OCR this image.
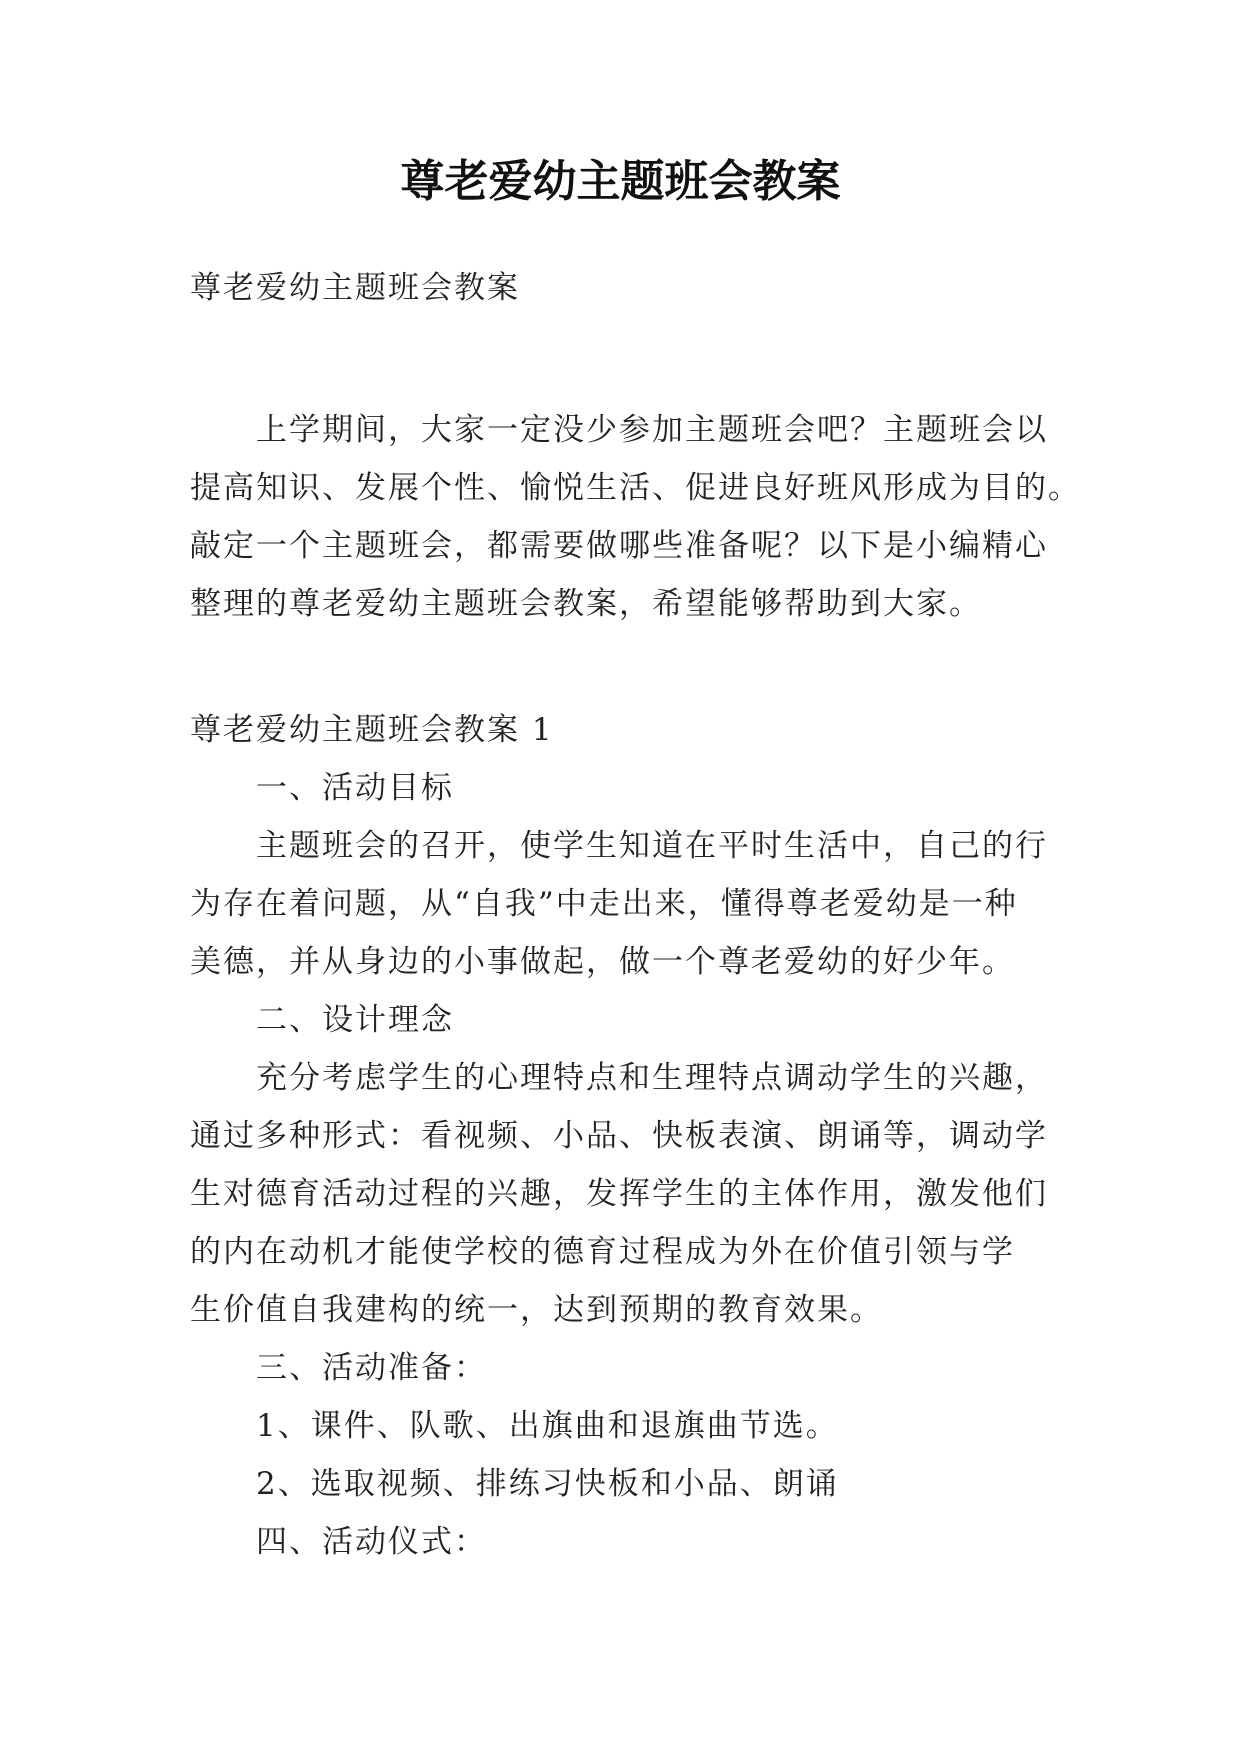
尊老爱幼主题班会教案
尊老爱幼主题班会教案
上学期间，大家一定没少参加主题班会吧？主题班会以
提高知识、发展个性、愉悦生活、促进良好班风形成为目的。
敲定一个主题班会，都需要做哪些准备呢？以下是小编精心
整理的尊老爱幼主题班会教案，希望能够帮助到大家。
尊老爱幼主题班会教案 1
一、活动目标
主题班会的召开，使学生知道在平时生活中，自己的行
为存在着问题，从“自我”中走出来，懂得尊老爱幼是一种
美德，并从身边的小事做起，做一个尊老爱幼的好少年。
二、设计理念
充分考虑学生的心理特点和生理特点调动学生的兴趣，
通过多种形式：看视频、小品、快板表演、朗诵等，调动学
生对德育活动过程的兴趣，发挥学生的主体作用，激发他们
的内在动机才能使学校的德育过程成为外在价值引领与学
生价值自我建构的统一，达到预期的教育效果。
三、活动准备：
1、课件、队歌、出旗曲和退旗曲节选。
2、选取视频、排练习快板和小品、朗诵
四、活动仪式：
